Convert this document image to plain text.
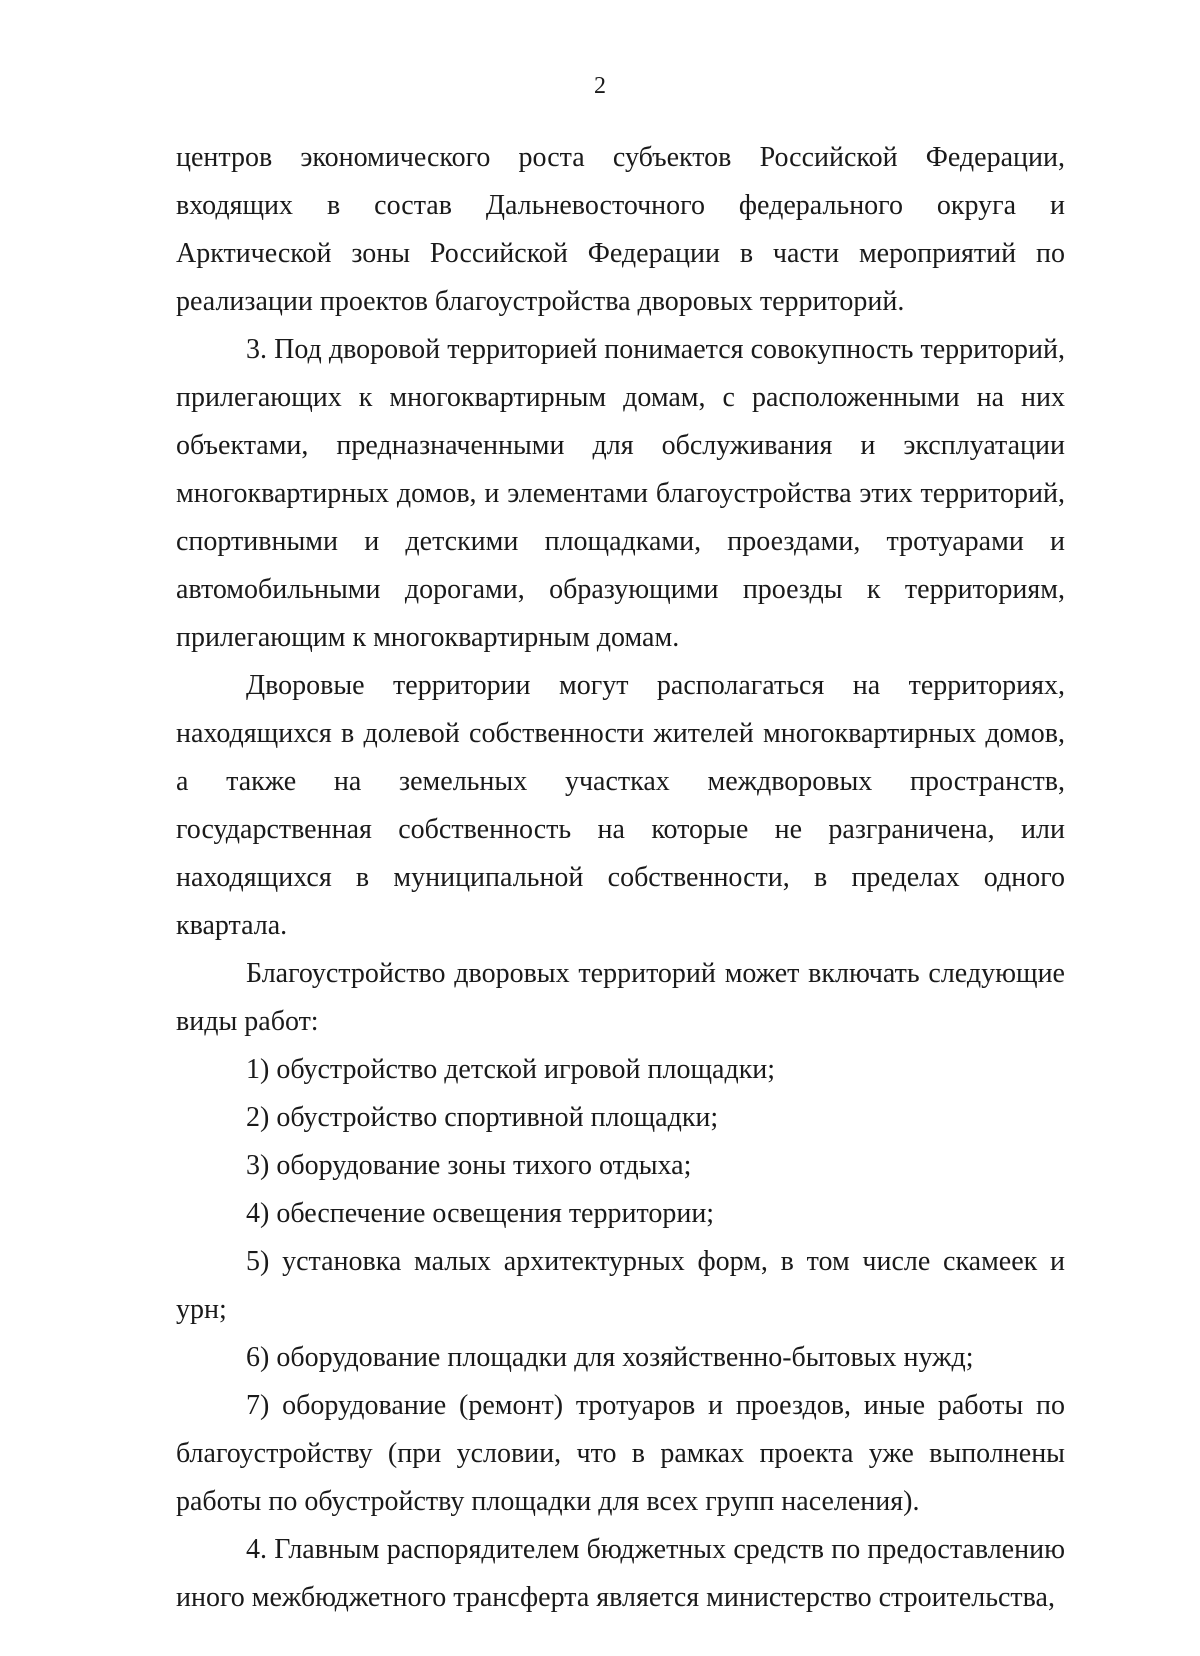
2

центров экономического роста субъектов Российской Федерации, входящих в состав Дальневосточного федерального округа и Арктической зоны Российской Федерации в части мероприятий по реализации проектов благоустройства дворовых территорий.

3. Под дворовой территорией понимается совокупность территорий, прилегающих к многоквартирным домам, с расположенными на них объектами, предназначенными для обслуживания и эксплуатации многоквартирных домов, и элементами благоустройства этих территорий, спортивными и детскими площадками, проездами, тротуарами и автомобильными дорогами, образующими проезды к территориям, прилегающим к многоквартирным домам.

Дворовые территории могут располагаться на территориях, находящихся в долевой собственности жителей многоквартирных домов, а также на земельных участках междворовых пространств, государственная собственность на которые не разграничена, или находящихся в муниципальной собственности, в пределах одного квартала.

Благоустройство дворовых территорий может включать следующие виды работ:

1) обустройство детской игровой площадки;

2) обустройство спортивной площадки;

3) оборудование зоны тихого отдыха;

4) обеспечение освещения территории;

5) установка малых архитектурных форм, в том числе скамеек и урн;

6) оборудование площадки для хозяйственно-бытовых нужд;

7) оборудование (ремонт) тротуаров и проездов, иные работы по благоустройству (при условии, что в рамках проекта уже выполнены работы по обустройству площадки для всех групп населения).

4. Главным распорядителем бюджетных средств по предоставлению иного межбюджетного трансферта является министерство строительства,
